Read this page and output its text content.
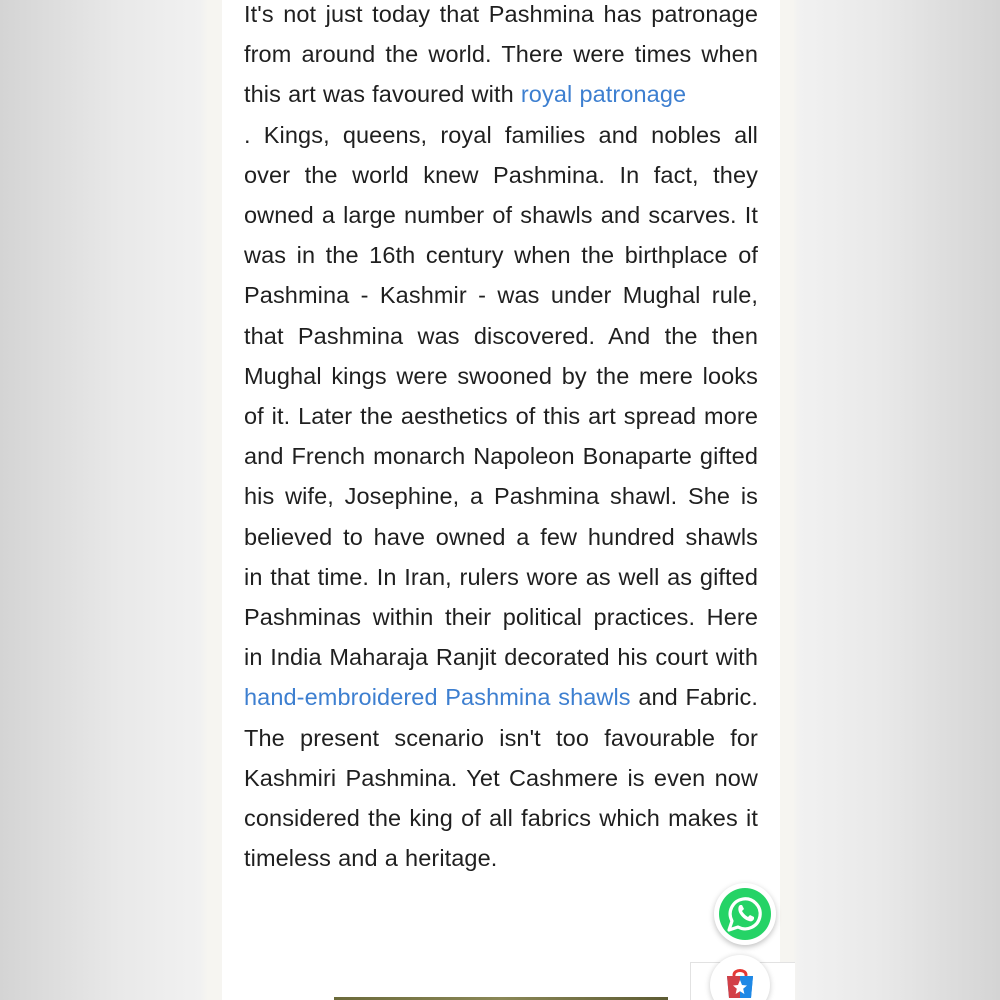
It's not just today that Pashmina has patronage from around the world. There were times when this art was favoured with royal patronage

. Kings, queens, royal families and nobles all over the world knew Pashmina. In fact, they owned a large number of shawls and scarves. It was in the 16th century when the birthplace of Pashmina - Kashmir - was under Mughal rule, that Pashmina was discovered. And the then Mughal kings were swooned by the mere looks of it. Later the aesthetics of this art spread more and French monarch Napoleon Bonaparte gifted his wife, Josephine, a Pashmina shawl. She is believed to have owned a few hundred shawls in that time. In Iran, rulers wore as well as gifted Pashminas within their political practices. Here in India Maharaja Ranjit decorated his court with hand-embroidered Pashmina shawls and Fabric. The present scenario isn't too favourable for Kashmiri Pashmina. Yet Cashmere is even now considered the king of all fabrics which makes it timeless and a heritage.
